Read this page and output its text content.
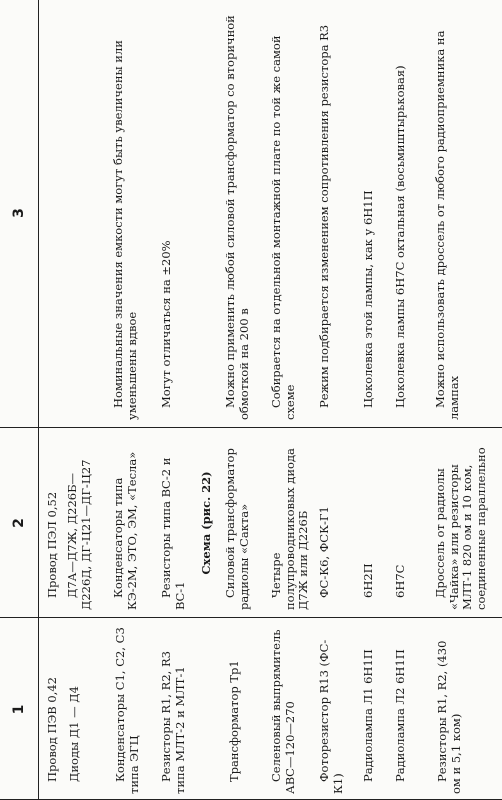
1
2
3
Провод ПЭВ 0,42
Провод ПЭЛ 0,52
Диоды Д1 — Д4
Д7А—Д7Ж, Д226Б—Д226Д, ДГ-Ц21—ДГ-Ц27
Конденсаторы C1, C2, C3 типа ЭГЦ
Конденсаторы типа КЭ-2М, ЭТО, ЭМ, «Тесла»
Номинальные значения емкости могут быть увеличены или уменьшены вдвое
Резисторы R1, R2, R3 типа МЛТ-2 и МЛТ-1
Резисторы типа ВС-2 и ВС-1
Могут отличаться на ±20%
Схема (рис. 22)
Трансформатор Tp1
Силовой трансформатор радиолы «Сакта»
Можно применить любой силовой трансформатор со вторичной обмоткой на 200 в
Селеновый выпрямитель АВС—120—270
Четыре полупроводниковых диода Д7Ж или Д226Б
Собирается на отдельной монтажной плате по той же самой схеме
Фоторезистор R13 (ФС-К1)
ФС-К6, ФСК-Г1
Режим подбирается изменением сопротивления резистора R3
Радиолампа Л1 6Н1П
6Н2П
Цоколевка этой лампы, как у 6Н1П
Радиолампа Л2 6Н1П
6Н7С
Цоколевка лампы 6Н7С октальная (восьмиштырьковая)
Резисторы R1, R2, (430 ом и 5,1 ком)
Дроссель от радиолы «Чайка» или резисторы МЛТ-1 820 ом и 10 ком, соединенные параллельно
Можно использовать дроссель от любого радиоприемника на лампах
